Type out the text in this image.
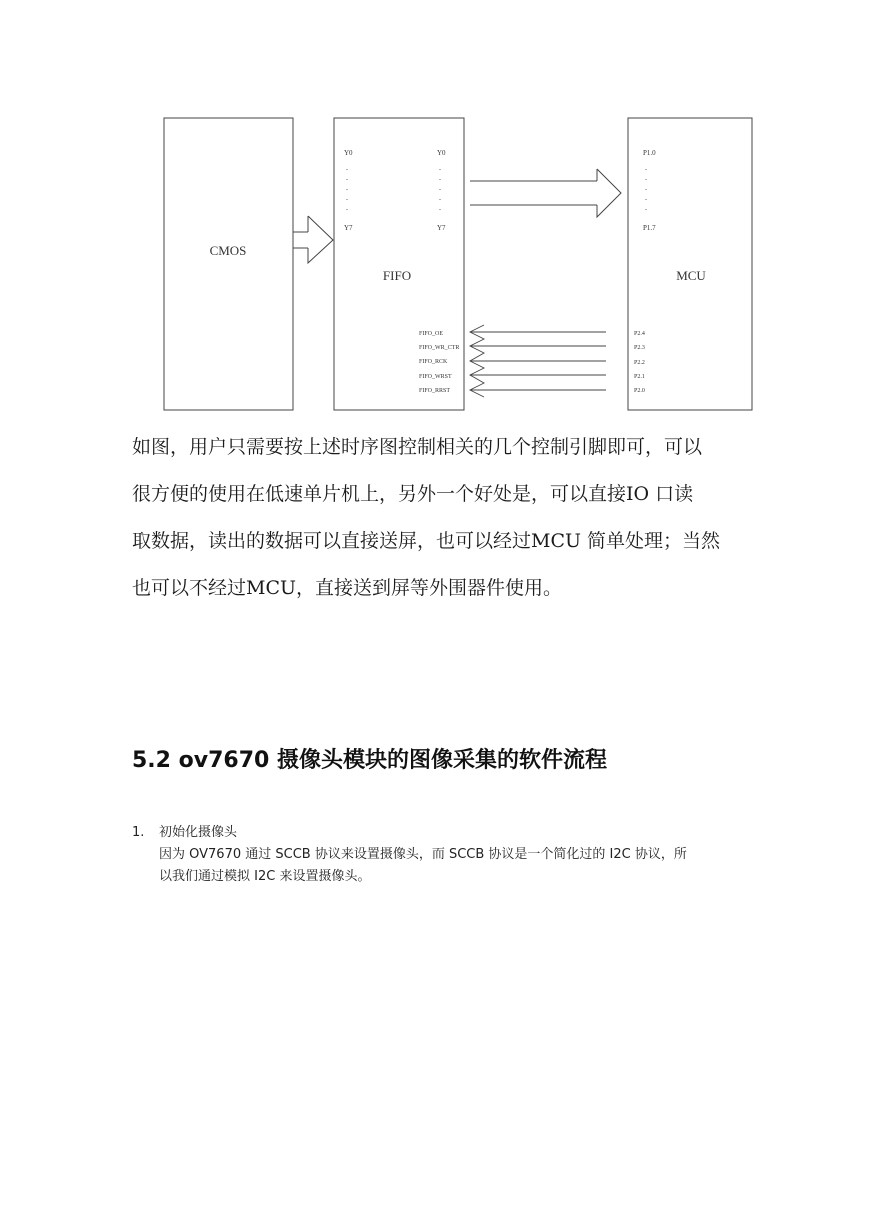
CMOS
FIFO
Y0
Y7
Y0
Y7
.
.
.
.
.
.
.
.
.
.
MCU
P1.0
P1.7
.
.
.
.
.
FIFO_OE
FIFO_WR_CTR
FIFO_RCK
FIFO_WRST
FIFO_RRST
P2.4
P2.3
P2.2
P2.1
P2.0
如图，用户只需要按上述时序图控制相关的几个控制引脚即可，可以
很方便的使用在低速单片机上，另外一个好处是，可以直接IO 口读
取数据，读出的数据可以直接送屏，也可以经过MCU 简单处理；当然
也可以不经过MCU，直接送到屏等外围器件使用。
5.2 ov7670 摄像头模块的图像采集的软件流程
1. 初始化摄像头
因为 OV7670 通过 SCCB 协议来设置摄像头，而 SCCB 协议是一个简化过的 I2C 协议，所
以我们通过模拟 I2C 来设置摄像头。
